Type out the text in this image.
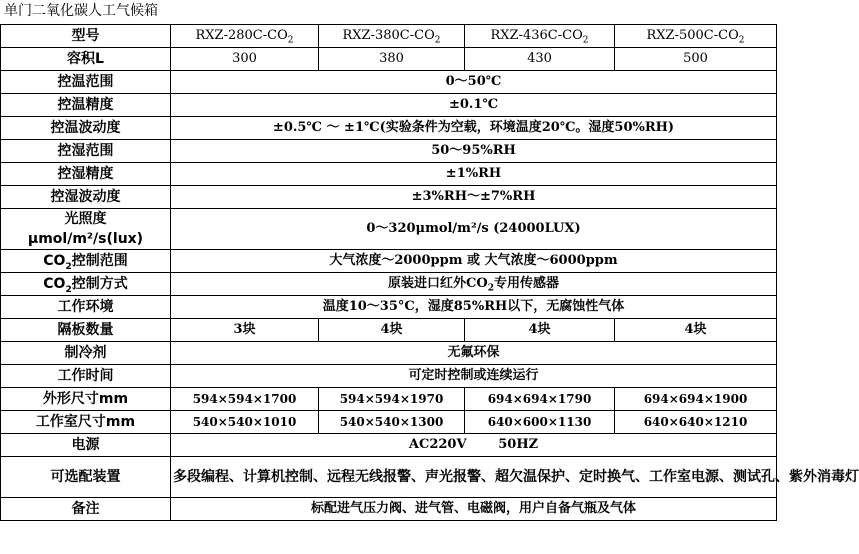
单门二氧化碳人工气候箱
型号	RXZ-$280C-CO_2$	RXZ-$380C-CO_2$	RXZ-$436C-CO_2$	RXZ-$500C-CO_2$
容积L	300	380	430	500
控温范围	0～50℃			
控温精度	±0.1℃			
控温波动度	±0.5℃ ～ ±1℃(实验条件为空载，环境温度20℃。湿度50%RH)			
控湿范围	50～95%RH			
控湿精度	±1%RH			
控湿波动度	±3%RH～±7%RH			
光照度
μmol/m²/s(lux)	0～320μmol/m²/s (24000LUX)			
$CO_2$控制范围	大气浓度～2000ppm 或 大气浓度～6000ppm			
$CO_2$控制方式	原装进口红外$CO_2$专用传感器			
工作环境	温度10～35°C，湿度85%RH以下，无腐蚀性气体			
隔板数量	3块	4块	4块	4块
制冷剂	无氟环保			
工作时间	可定时控制或连续运行			
外形尺寸mm	594×594×1700	594×594×1970	694×694×1790	694×694×1900
工作室尺寸mm	540×540×1010	540×540×1300	640×600×1130	640×640×1210
电源	AC220V       50HZ			
可选配装置	多段编程、计算机控制、远程无线报警、声光报警、超欠温保护、定时换气、工作室电源、测试孔、紫外消毒灯			
备注	标配进气压力阀、进气管、电磁阀，用户自备气瓶及气体			
